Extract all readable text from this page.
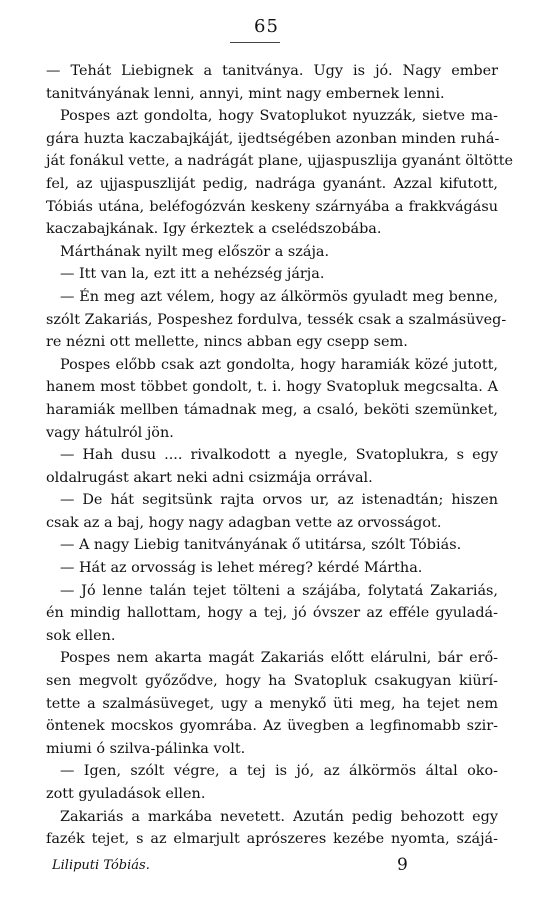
65
— Tehát Liebignek a tanitványa. Ugy is jó. Nagy ember
tanitványának lenni, annyi, mint nagy embernek lenni.
Pospes azt gondolta, hogy Svatoplukot nyuzzák, sietve ma-
gára huzta kaczabajkáját, ijedtségében azonban minden ruhá-
ját fonákul vette, a nadrágát plane, ujjaspuszlija gyanánt öltötte
fel, az ujjaspuszliját pedig, nadrága gyanánt. Azzal kifutott,
Tóbiás utána, beléfogózván keskeny szárnyába a frakkvágásu
kaczabajkának. Igy érkeztek a cselédszobába.
Márthának nyilt meg először a szája.
— Itt van la, ezt itt a nehézség járja.
— Én meg azt vélem, hogy az álkörmös gyuladt meg benne,
szólt Zakariás, Pospeshez fordulva, tessék csak a szalmásüveg-
re nézni ott mellette, nincs abban egy csepp sem.
Pospes előbb csak azt gondolta, hogy haramiák közé jutott,
hanem most többet gondolt, t. i. hogy Svatopluk megcsalta. A
haramiák mellben támadnak meg, a csaló, beköti szemünket,
vagy hátulról jön.
— Hah dusu .... rivalkodott a nyegle, Svatoplukra, s egy
oldalrugást akart neki adni csizmája orrával.
— De hát segitsünk rajta orvos ur, az istenadtán; hiszen
csak az a baj, hogy nagy adagban vette az orvosságot.
— A nagy Liebig tanitványának ő utitársa, szólt Tóbiás.
— Hát az orvosság is lehet méreg? kérdé Mártha.
— Jó lenne talán tejet tölteni a szájába, folytatá Zakariás,
én mindig hallottam, hogy a tej, jó óvszer az efféle gyuladá-
sok ellen.
Pospes nem akarta magát Zakariás előtt elárulni, bár erő-
sen megvolt győződve, hogy ha Svatopluk csakugyan kiürí-
tette a szalmásüveget, ugy a menykő üti meg, ha tejet nem
öntenek mocskos gyomrába. Az üvegben a legfinomabb szir-
miumi ó szilva-pálinka volt.
— Igen, szólt végre, a tej is jó, az álkörmös által oko-
zott gyuladások ellen.
Zakariás a markába nevetett. Azután pedig behozott egy
fazék tejet, s az elmarjult aprószeres kezébe nyomta, szájá-
Liliputi Tóbiás.	9
